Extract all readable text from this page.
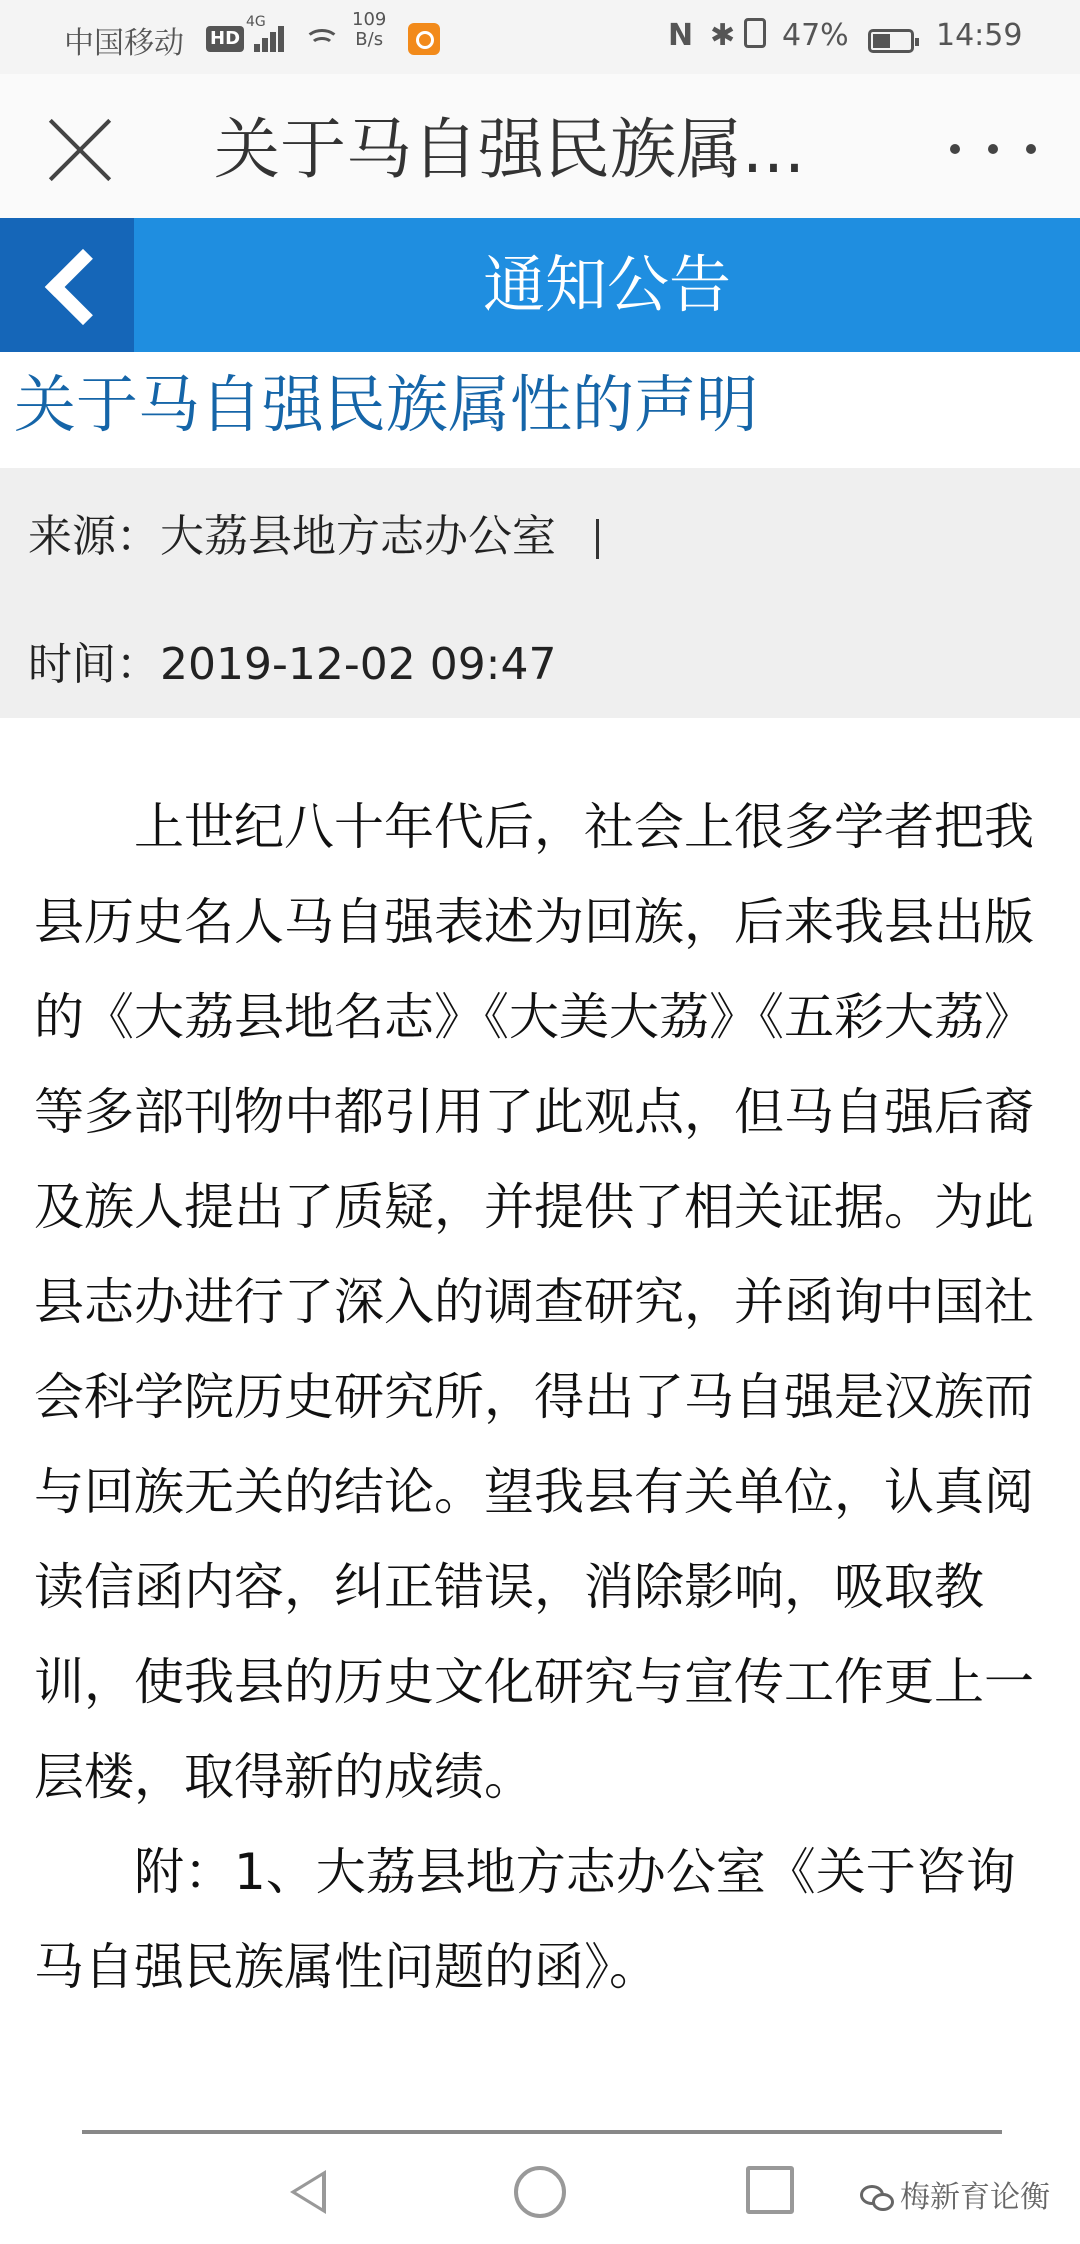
中国移动 HD
4G	109
B/s	N ✱ 47%	14:59
关于马自强民族属...
通知公告
关于马自强民族属性的声明
来源：大荔县地方志办公室
时间：2019-12-02 09:47

上世纪八十年代后，社会上很多学者把我县历史名人马自强表述为回族，后来我县出版的《大荔县地名志》《大美大荔》《五彩大荔》等多部刊物中都引用了此观点，但马自强后裔及族人提出了质疑，并提供了相关证据。为此县志办进行了深入的调查研究，并函询中国社会科学院历史研究所，得出了马自强是汉族而与回族无关的结论。望我县有关单位，认真阅读信函内容，纠正错误，消除影响，吸取教训，使我县的历史文化研究与宣传工作更上一层楼，取得新的成绩。

附：1、大荔县地方志办公室《关于咨询马自强民族属性问题的函》。

梅新育论衡
